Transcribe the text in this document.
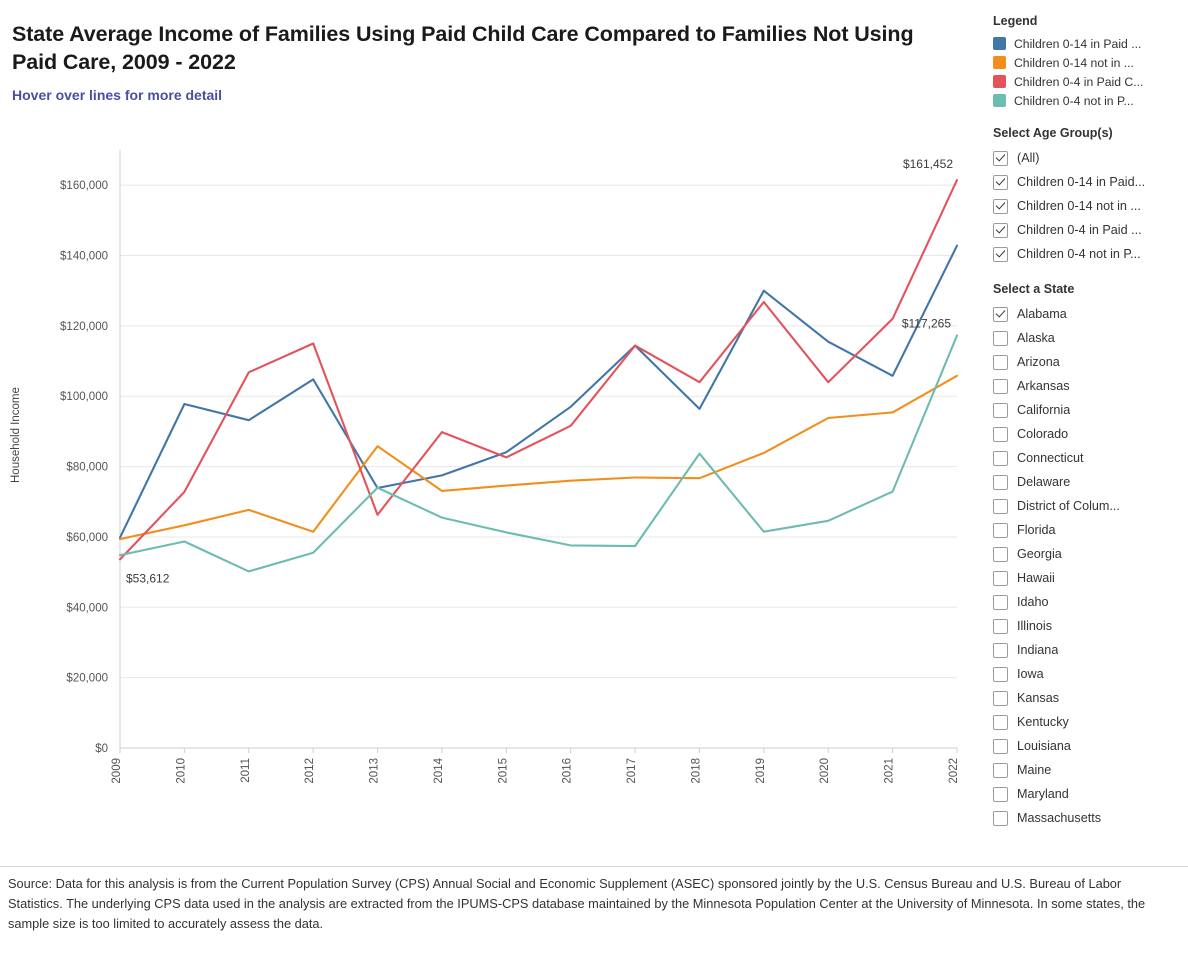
State Average Income of Families Using Paid Child Care Compared to Families Not Using Paid Care, 2009 - 2022
Hover over lines for more detail
Household Income
$0
$20,000
$40,000
$60,000
$80,000
$100,000
$120,000
$140,000
$160,000
2009	2010	2011	2012	2013	2014	2015	2016	2017	2018	2019	2020	2021	2022
$53,612
$161,452
$117,265
Legend
Children 0-14 in Paid ...
Children 0-14 not in ...
Children 0-4 in Paid C...
Children 0-4 not in P...
Select Age Group(s)
(All)
Children 0-14 in Paid...
Children 0-14 not in ...
Children 0-4 in Paid ...
Children 0-4 not in P...
Select a State
Alabama
Alaska
Arizona
Arkansas
California
Colorado
Connecticut
Delaware
District of Colum...
Florida
Georgia
Hawaii
Idaho
Illinois
Indiana
Iowa
Kansas
Kentucky
Louisiana
Maine
Maryland
Massachusetts
Source: Data for this analysis is from the Current Population Survey (CPS) Annual Social and Economic Supplement (ASEC) sponsored jointly by the U.S. Census Bureau and U.S. Bureau of Labor Statistics. The underlying CPS data used in the analysis are extracted from the IPUMS-CPS database maintained by the Minnesota Population Center at the University of Minnesota. In some states, the sample size is too limited to accurately assess the data.
